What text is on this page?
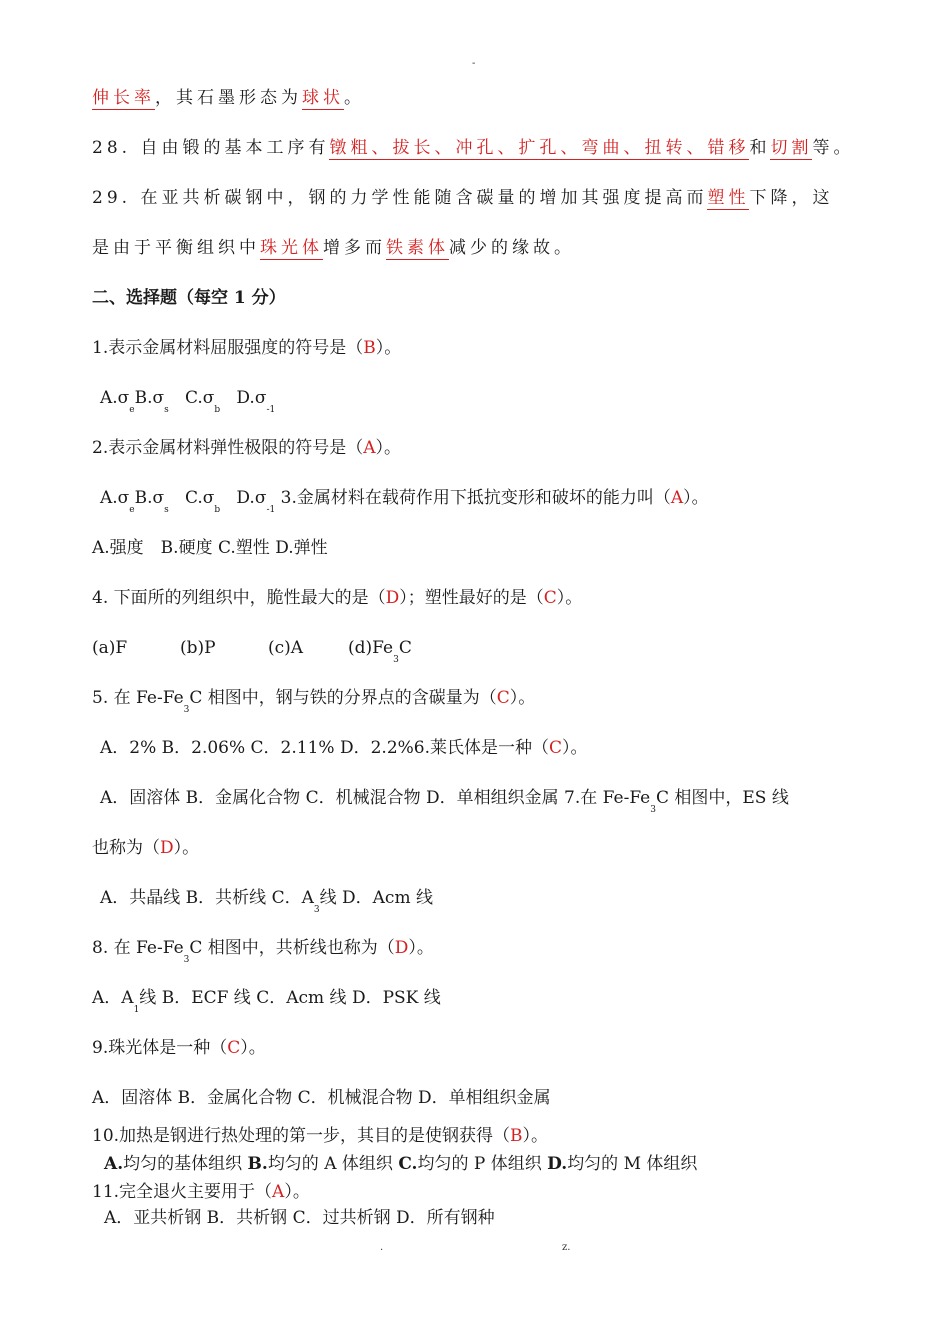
-
伸长率，其石墨形态为球状。
28. 自由锻的基本工序有镦粗、拔长、冲孔、扩孔、弯曲、扭转、错移和切割等。
29. 在亚共析碳钢中，钢的力学性能随含碳量的增加其强度提高而塑性下降，这
是由于平衡组织中珠光体增多而铁素体减少的缘故。
二、选择题（每空 1 分）
1.表示金属材料屈服强度的符号是（B）。
$A.\sigma_eB.\sigma_s$   $C.\sigma_b$   $D.\sigma_{-1}$
2.表示金属材料弹性极限的符号是（A）。
$A.\sigma_eB.\sigma_s$   $C.\sigma_b$   $D.\sigma_{-1}$ 3.金属材料在载荷作用下抵抗变形和破坏的能力叫（A）。
A.强度　B.硬度 C.塑性 D.弹性
4. 下面所的列组织中，脆性最大的是（D）；塑性最好的是（C）。
(a)F	(b)P	(c)A	$(d)Fe_3C$
5. 在 $Fe-Fe_3C$ 相图中，钢与铁的分界点的含碳量为（C）。
A．2% B．2.06% C．2.11% D．2.2%6.莱氏体是一种（C）。
A．固溶体 B．金属化合物 C．机械混合物 D．单相组织金属 7.在 $Fe-Fe_3C$ 相图中，ES 线
也称为（D）。
A．共晶线 B．共析线 C．$A_3$线 D．Acm 线
8. 在 $Fe-Fe_3C$ 相图中，共析线也称为（D）。
A．$A_1$线 B．ECF 线 C．Acm 线 D．PSK 线
9.珠光体是一种（C）。
A．固溶体 B．金属化合物 C．机械混合物 D．单相组织金属
10.加热是钢进行热处理的第一步，其目的是使钢获得（B）。
A.均匀的基体组织 B.均匀的 A 体组织 C.均匀的 P 体组织 D.均匀的 M 体组织
11.完全退火主要用于（A）。
A．亚共析钢 B．共析钢 C．过共析钢 D．所有钢种
.	z.
